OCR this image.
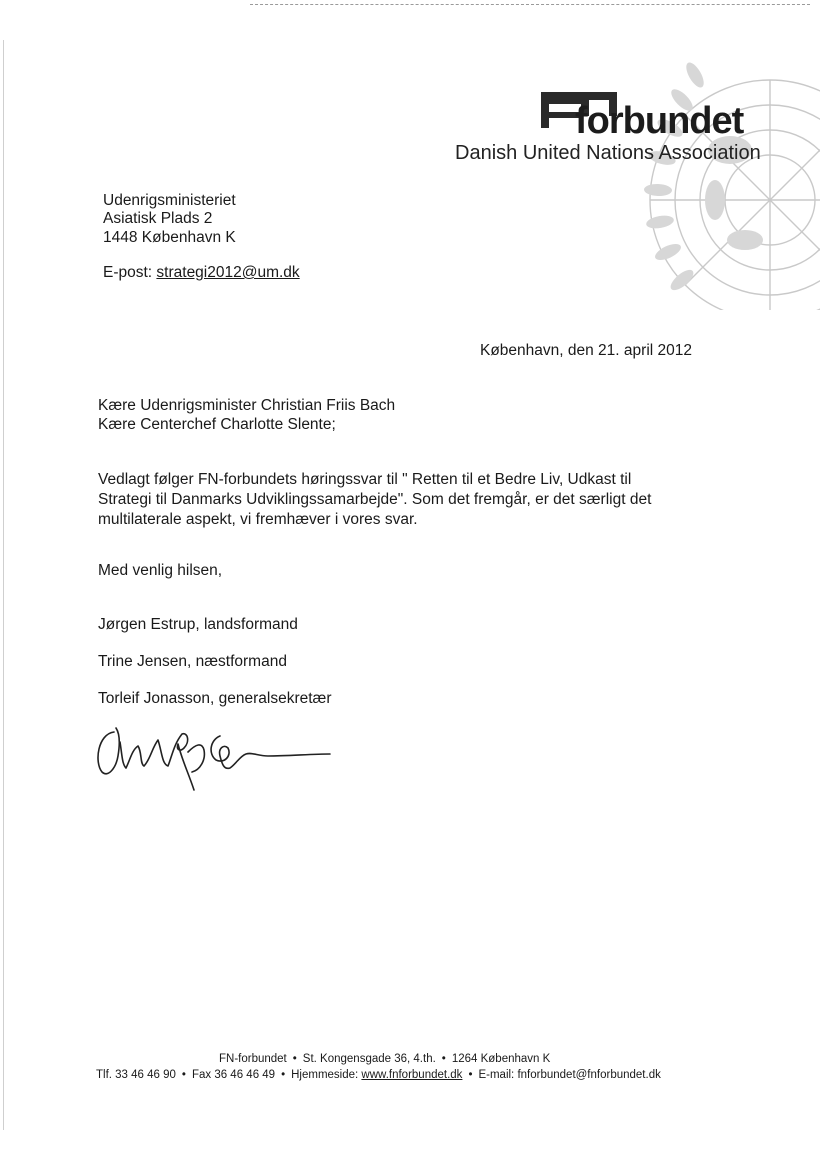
forbundet
Danish United Nations Association
Udenrigsministeriet
Asiatisk Plads 2
1448 København K
E-post: strategi2012@um.dk
København, den 21. april 2012
Kære Udenrigsminister Christian Friis Bach
Kære Centerchef Charlotte Slente;
Vedlagt følger FN-forbundets høringssvar til " Retten til et Bedre Liv, Udkast til
Strategi til Danmarks Udviklingssamarbejde". Som det fremgår, er det særligt det
multilaterale aspekt, vi fremhæver i vores svar.
Med venlig hilsen,
Jørgen Estrup, landsformand
Trine Jensen, næstformand
Torleif Jonasson, generalsekretær
FN-forbundet • St. Kongensgade 36, 4.th. • 1264 København K
Tlf. 33 46 46 90 • Fax 36 46 46 49 • Hjemmeside: www.fnforbundet.dk • E-mail: fnforbundet@fnforbundet.dk
